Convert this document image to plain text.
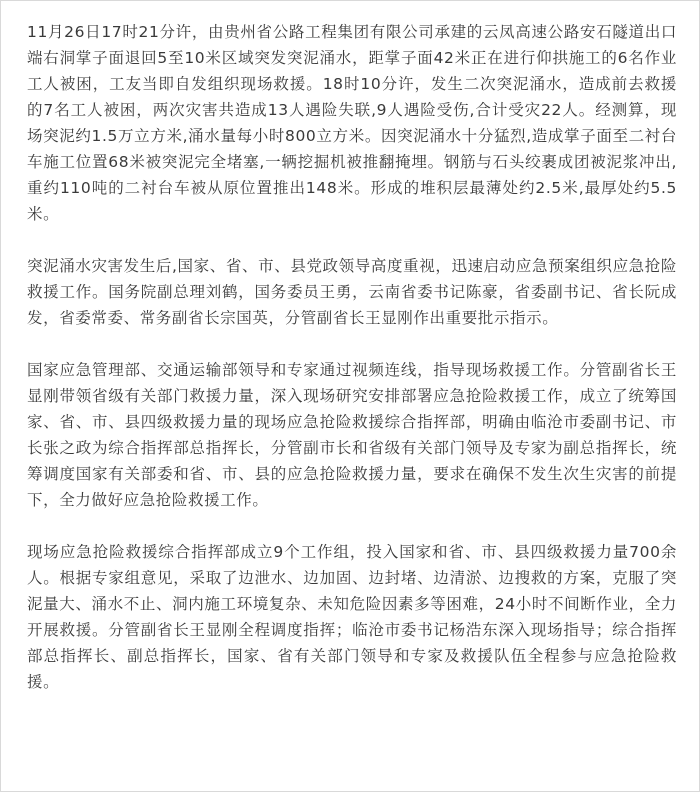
11月26日17时21分许，由贵州省公路工程集团有限公司承建的云凤高速公路安石隧道出口端右洞掌子面退回5至10米区域突发突泥涌水，距掌子面42米正在进行仰拱施工的6名作业工人被困，工友当即自发组织现场救援。18时10分许，发生二次突泥涌水，造成前去救援的7名工人被困，两次灾害共造成13人遇险失联,9人遇险受伤,合计受灾22人。经测算，现场突泥约1.5万立方米,涌水量每小时800立方米。因突泥涌水十分猛烈,造成掌子面至二衬台车施工位置68米被突泥完全堵塞,一辆挖掘机被推翻掩埋。钢筋与石头绞裹成团被泥浆冲出,重约110吨的二衬台车被从原位置推出148米。形成的堆积层最薄处约2.5米,最厚处约5.5米。

突泥涌水灾害发生后,国家、省、市、县党政领导高度重视，迅速启动应急预案组织应急抢险救援工作。国务院副总理刘鹤，国务委员王勇，云南省委书记陈豪，省委副书记、省长阮成发，省委常委、常务副省长宗国英，分管副省长王显刚作出重要批示指示。

国家应急管理部、交通运输部领导和专家通过视频连线，指导现场救援工作。分管副省长王显刚带领省级有关部门救援力量，深入现场研究安排部署应急抢险救援工作，成立了统筹国家、省、市、县四级救援力量的现场应急抢险救援综合指挥部，明确由临沧市委副书记、市长张之政为综合指挥部总指挥长，分管副市长和省级有关部门领导及专家为副总指挥长，统筹调度国家有关部委和省、市、县的应急抢险救援力量，要求在确保不发生次生灾害的前提下，全力做好应急抢险救援工作。

现场应急抢险救援综合指挥部成立9个工作组，投入国家和省、市、县四级救援力量700余人。根据专家组意见，采取了边泄水、边加固、边封堵、边清淤、边搜救的方案，克服了突泥量大、涌水不止、洞内施工环境复杂、未知危险因素多等困难，24小时不间断作业，全力开展救援。分管副省长王显刚全程调度指挥；临沧市委书记杨浩东深入现场指导；综合指挥部总指挥长、副总指挥长，国家、省有关部门领导和专家及救援队伍全程参与应急抢险救援。
